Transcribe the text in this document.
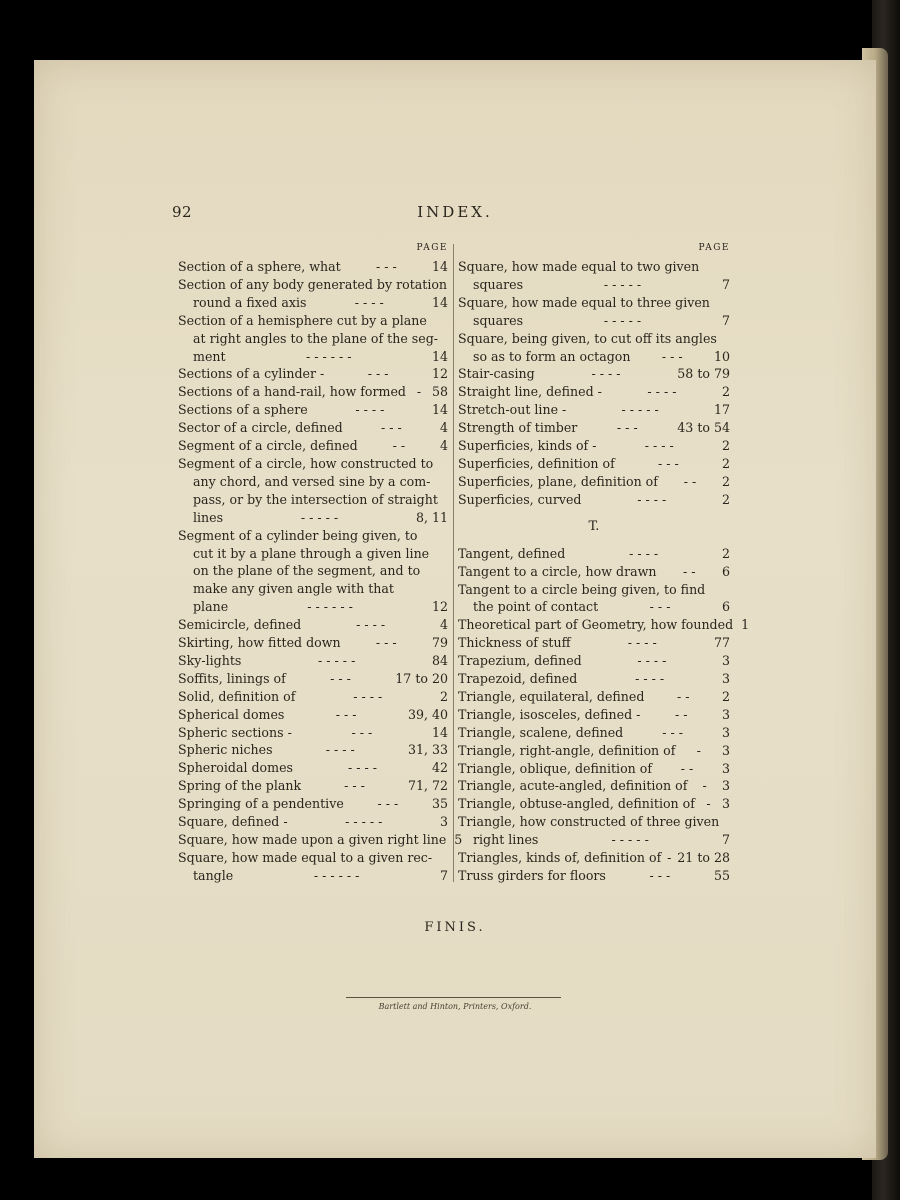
92	INDEX.
PAGE
Section of a sphere, what	- - -	14
Section of any body generated by rotation
round a fixed axis	- - - -	14
Section of a hemisphere cut by a plane
at right angles to the plane of the seg-
ment	- - - - - -	14
Sections of a cylinder -	- - -	12
Sections of a hand-rail, how formed - 58
Sections of a sphere	- - - -	14
Sector of a circle, defined	- - -	4
Segment of a circle, defined	- -	4
Segment of a circle, how constructed to
any chord, and versed sine by a com-
pass, or by the intersection of straight
lines	- - - - -	8, 11
Segment of a cylinder being given, to
cut it by a plane through a given line
on the plane of the segment, and to
make any given angle with that
plane	- - - - - -	12
Semicircle, defined	- - - -	4
Skirting, how fitted down	- - -	79
Sky-lights	- - - - -	84
Soffits, linings of	- - -	17 to 20
Solid, definition of	- - - -	2
Spherical domes	- - -	39, 40
Spheric sections -	- - -	14
Spheric niches	- - - -	31, 33
Spheroidal domes	- - - -	42
Spring of the plank	- - -	71, 72
Springing of a pendentive	- - -	35
Square, defined -	- - - - -	3
Square, how made upon a given right line 5
Square, how made equal to a given rec-
tangle	- - - - - -	7
PAGE
Square, how made equal to two given
squares	- - - - -	7
Square, how made equal to three given
squares	- - - - -	7
Square, being given, to cut off its angles
so as to form an octagon	- - -	10
Stair-casing	- - - -	58 to 79
Straight line, defined -	- - - -	2
Stretch-out line -	- - - - -	17
Strength of timber	- - -	43 to 54
Superficies, kinds of -	- - - -	2
Superficies, definition of	- - -	2
Superficies, plane, definition of	- -	2
Superficies, curved	- - - -	2
T.
Tangent, defined	- - - -	2
Tangent to a circle, how drawn	- -	6
Tangent to a circle being given, to find
the point of contact	- - -	6
Theoretical part of Geometry, how founded 1
Thickness of stuff	- - - -	77
Trapezium, defined	- - - -	3
Trapezoid, defined	- - - -	3
Triangle, equilateral, defined	- -	2
Triangle, isosceles, defined -	- -	3
Triangle, scalene, defined	- - -	3
Triangle, right-angle, definition of	-	3
Triangle, oblique, definition of	- -	3
Triangle, acute-angled, definition of	-	3
Triangle, obtuse-angled, definition of - 3
Triangle, how constructed of three given
right lines	- - - - -	7
Triangles, kinds of, definition of - 21 to 28
Truss girders for floors	- - -	55
FINIS.
Bartlett and Hinton, Printers, Oxford.
